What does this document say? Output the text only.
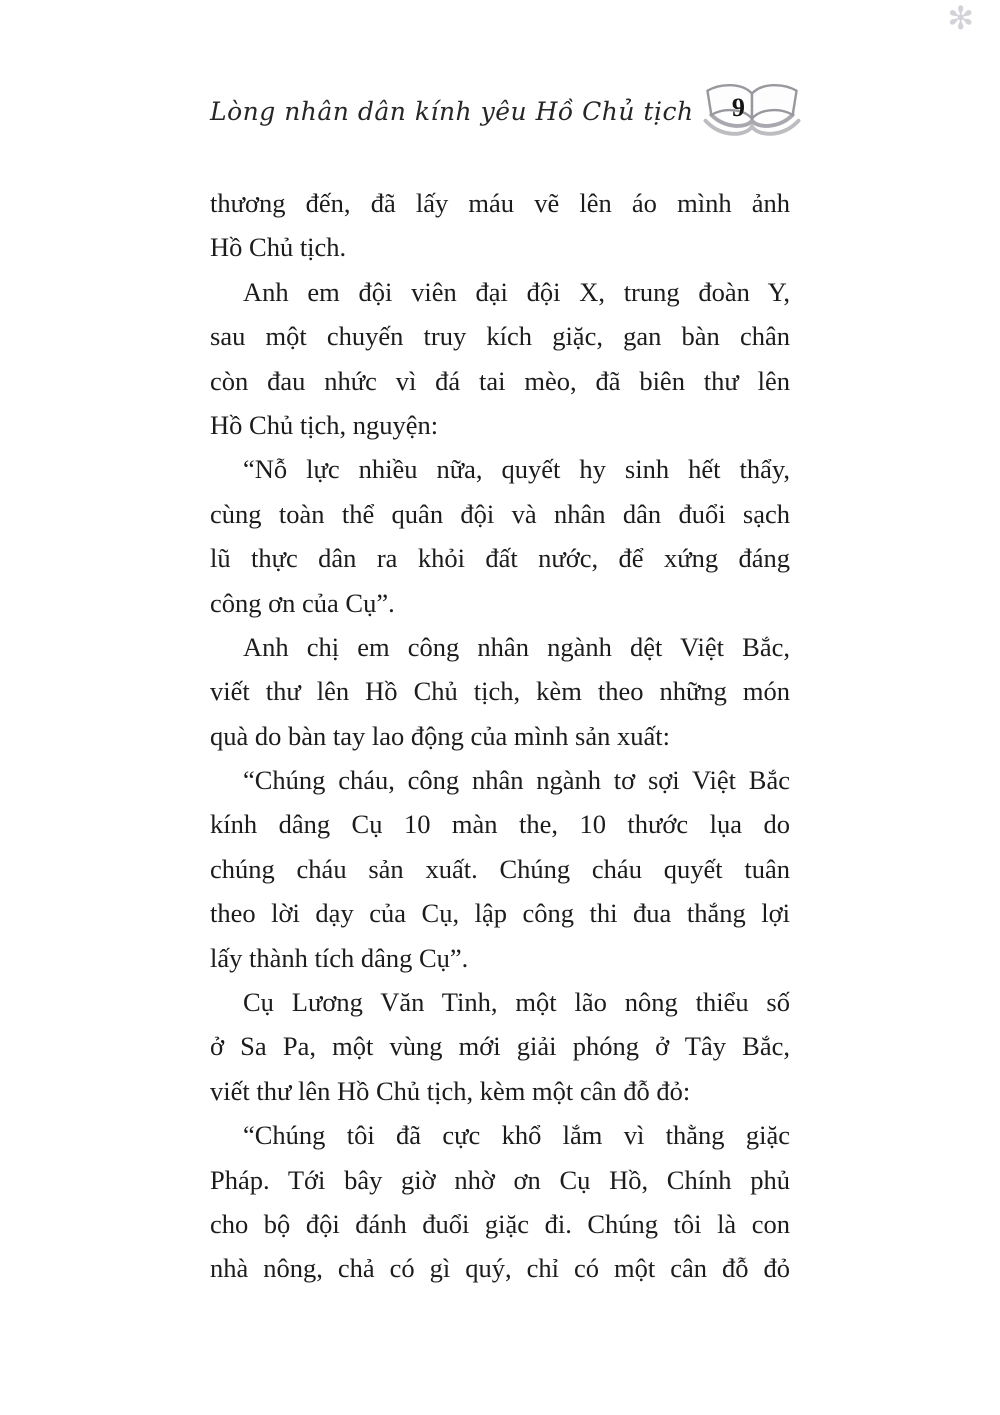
✻
Lòng nhân dân kính yêu Hồ Chủ tịch 9
thương đến, đã lấy máu vẽ lên áo mình ảnh
Hồ Chủ tịch.
Anh em đội viên đại đội X, trung đoàn Y,
sau một chuyến truy kích giặc, gan bàn chân
còn đau nhức vì đá tai mèo, đã biên thư lên
Hồ Chủ tịch, nguyện:
“Nỗ lực nhiều nữa, quyết hy sinh hết thẩy,
cùng toàn thể quân đội và nhân dân đuổi sạch
lũ thực dân ra khỏi đất nước, để xứng đáng
công ơn của Cụ”.
Anh chị em công nhân ngành dệt Việt Bắc,
viết thư lên Hồ Chủ tịch, kèm theo những món
quà do bàn tay lao động của mình sản xuất:
“Chúng cháu, công nhân ngành tơ sợi Việt Bắc
kính dâng Cụ 10 màn the, 10 thước lụa do
chúng cháu sản xuất. Chúng cháu quyết tuân
theo lời dạy của Cụ, lập công thi đua thắng lợi
lấy thành tích dâng Cụ”.
Cụ Lương Văn Tinh, một lão nông thiểu số
ở Sa Pa, một vùng mới giải phóng ở Tây Bắc,
viết thư lên Hồ Chủ tịch, kèm một cân đỗ đỏ:
“Chúng tôi đã cực khổ lắm vì thằng giặc
Pháp. Tới bây giờ nhờ ơn Cụ Hồ, Chính phủ
cho bộ đội đánh đuổi giặc đi. Chúng tôi là con
nhà nông, chả có gì quý, chỉ có một cân đỗ đỏ
